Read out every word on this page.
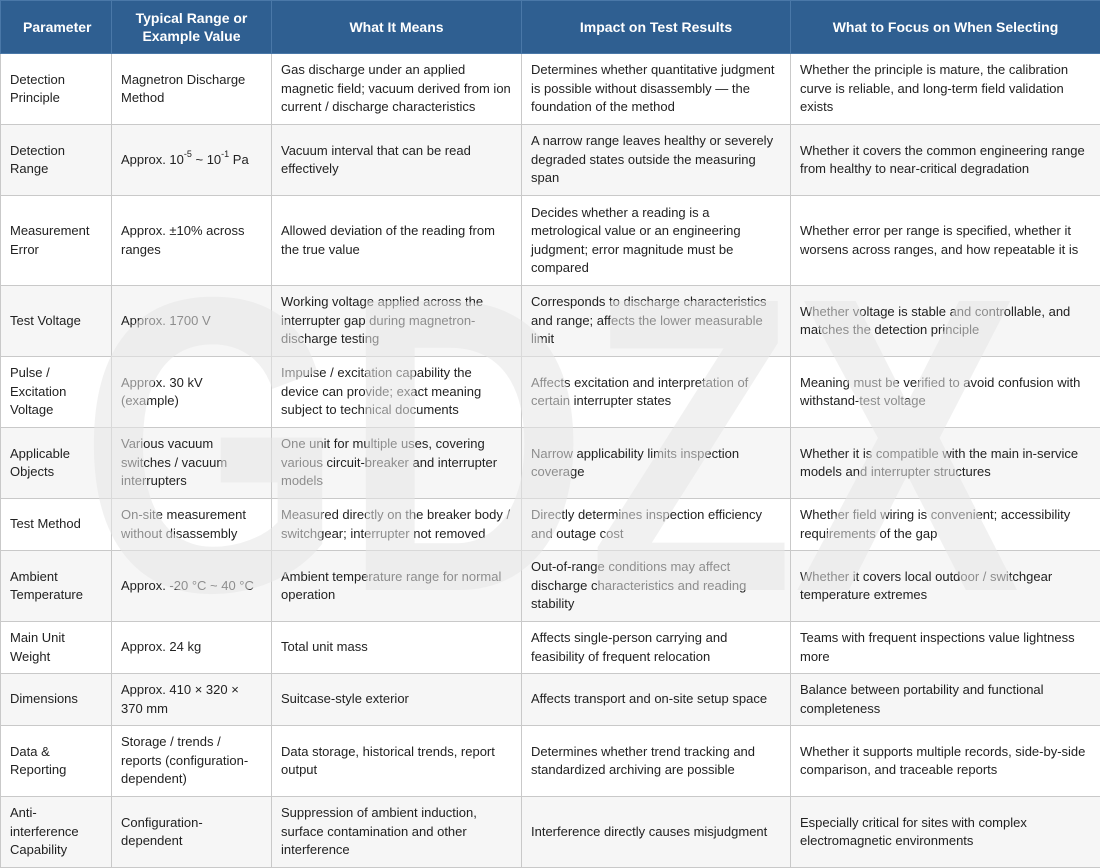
Parameter	Typical Range or Example Value	What It Means	Impact on Test Results	What to Focus on When Selecting
Detection Principle	Magnetron Discharge Method	Gas discharge under an applied magnetic field; vacuum derived from ion current / discharge characteristics	Determines whether quantitative judgment is possible without disassembly — the foundation of the method	Whether the principle is mature, the calibration curve is reliable, and long-term field validation exists
Detection Range	Approx. $10^{-5}$ ~ $10^{-1}$ Pa	Vacuum interval that can be read effectively	A narrow range leaves healthy or severely degraded states outside the measuring span	Whether it covers the common engineering range from healthy to near-critical degradation
Measurement Error	Approx. ±10% across ranges	Allowed deviation of the reading from the true value	Decides whether a reading is a metrological value or an engineering judgment; error magnitude must be compared	Whether error per range is specified, whether it worsens across ranges, and how repeatable it is
Test Voltage	Approx. 1700 V	Working voltage applied across the interrupter gap during magnetron-discharge testing	Corresponds to discharge characteristics and range; affects the lower measurable limit	Whether voltage is stable and controllable, and matches the detection principle
Pulse / Excitation Voltage	Approx. 30 kV (example)	Impulse / excitation capability the device can provide; exact meaning subject to technical documents	Affects excitation and interpretation of certain interrupter states	Meaning must be verified to avoid confusion with withstand-test voltage
Applicable Objects	Various vacuum switches / vacuum interrupters	One unit for multiple uses, covering various circuit-breaker and interrupter models	Narrow applicability limits inspection coverage	Whether it is compatible with the main in-service models and interrupter structures
Test Method	On-site measurement without disassembly	Measured directly on the breaker body / switchgear; interrupter not removed	Directly determines inspection efficiency and outage cost	Whether field wiring is convenient; accessibility requirements of the gap
Ambient Temperature	Approx. -20 °C ~ 40 °C	Ambient temperature range for normal operation	Out-of-range conditions may affect discharge characteristics and reading stability	Whether it covers local outdoor / switchgear temperature extremes
Main Unit Weight	Approx. 24 kg	Total unit mass	Affects single-person carrying and feasibility of frequent relocation	Teams with frequent inspections value lightness more
Dimensions	Approx. 410 × 320 × 370 mm	Suitcase-style exterior	Affects transport and on-site setup space	Balance between portability and functional completeness
Data & Reporting	Storage / trends / reports (configuration-dependent)	Data storage, historical trends, report output	Determines whether trend tracking and standardized archiving are possible	Whether it supports multiple records, side-by-side comparison, and traceable reports
Anti-interference Capability	Configuration-dependent	Suppression of ambient induction, surface contamination and other interference	Interference directly causes misjudgment	Especially critical for sites with complex electromagnetic environments
GDZX
